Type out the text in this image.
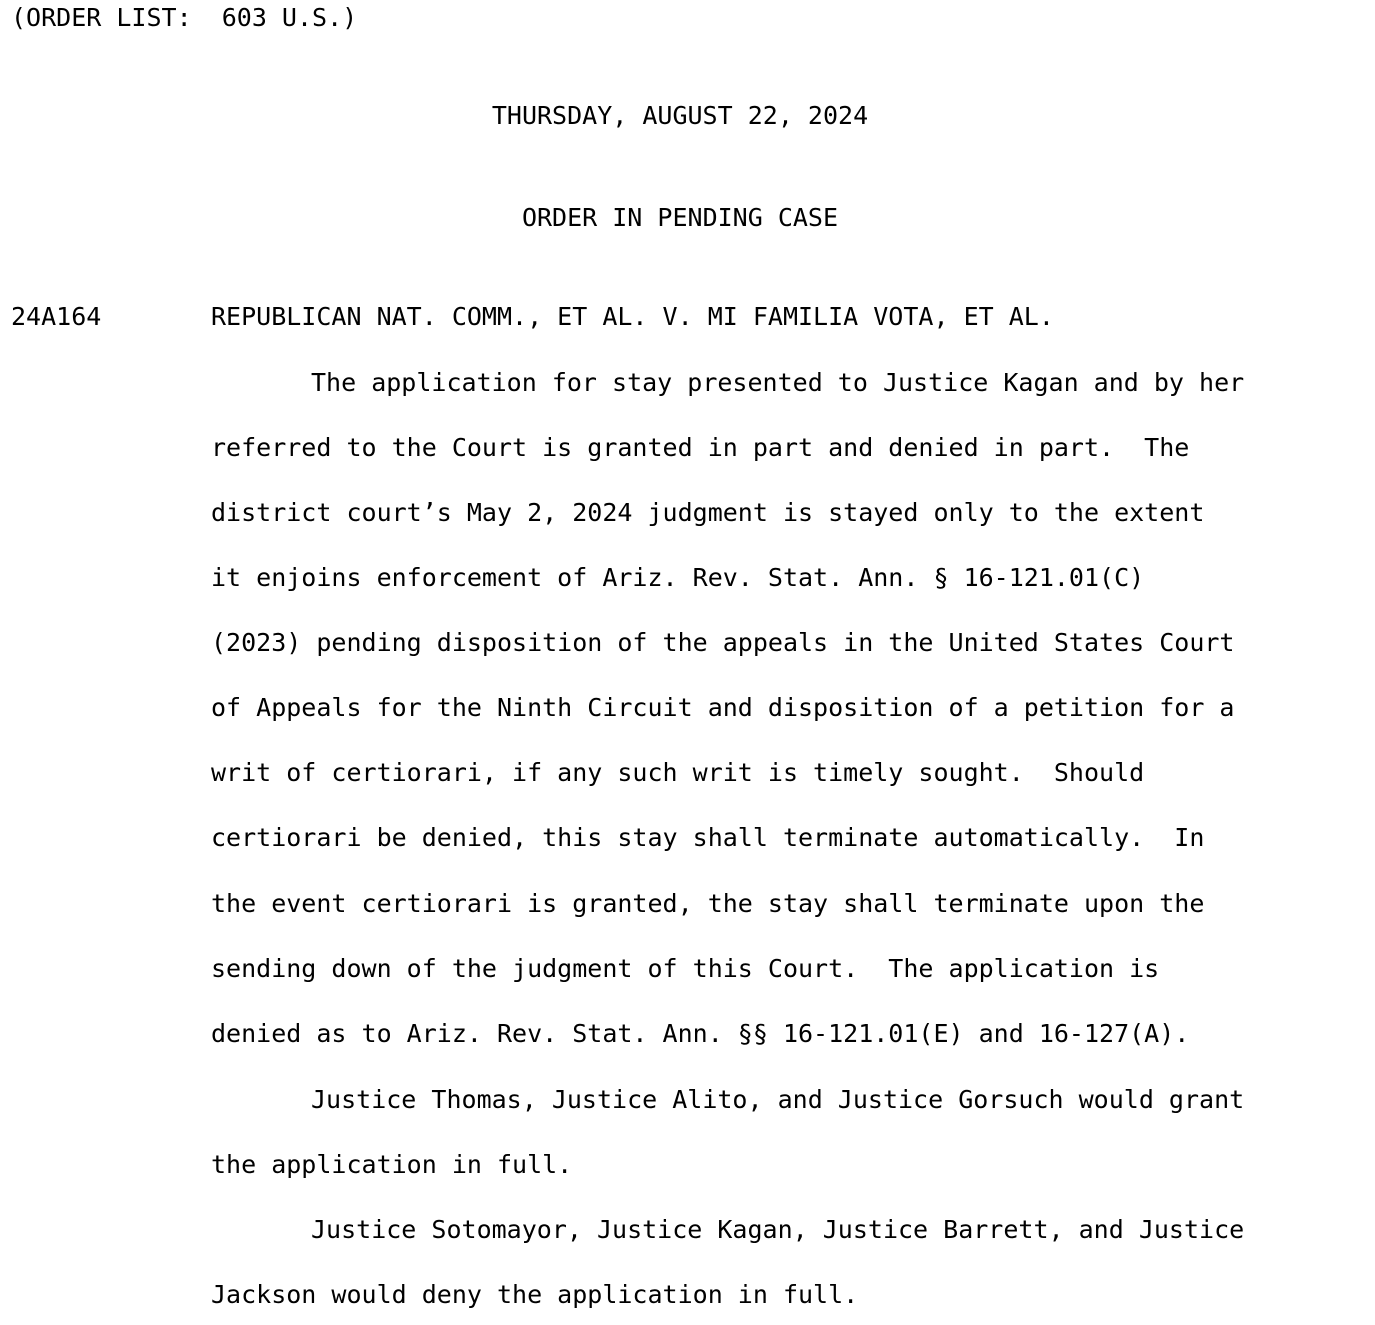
(ORDER LIST:  603 U.S.)
THURSDAY, AUGUST 22, 2024
ORDER IN PENDING CASE
24A164	REPUBLICAN NAT. COMM., ET AL. V. MI FAMILIA VOTA, ET AL.
The application for stay presented to Justice Kagan and by her
referred to the Court is granted in part and denied in part.  The
district court’s May 2, 2024 judgment is stayed only to the extent
it enjoins enforcement of Ariz. Rev. Stat. Ann. § 16-121.01(C)
(2023) pending disposition of the appeals in the United States Court
of Appeals for the Ninth Circuit and disposition of a petition for a
writ of certiorari, if any such writ is timely sought.  Should
certiorari be denied, this stay shall terminate automatically.  In
the event certiorari is granted, the stay shall terminate upon the
sending down of the judgment of this Court.  The application is
denied as to Ariz. Rev. Stat. Ann. §§ 16-121.01(E) and 16-127(A).
Justice Thomas, Justice Alito, and Justice Gorsuch would grant
the application in full.
Justice Sotomayor, Justice Kagan, Justice Barrett, and Justice
Jackson would deny the application in full.
